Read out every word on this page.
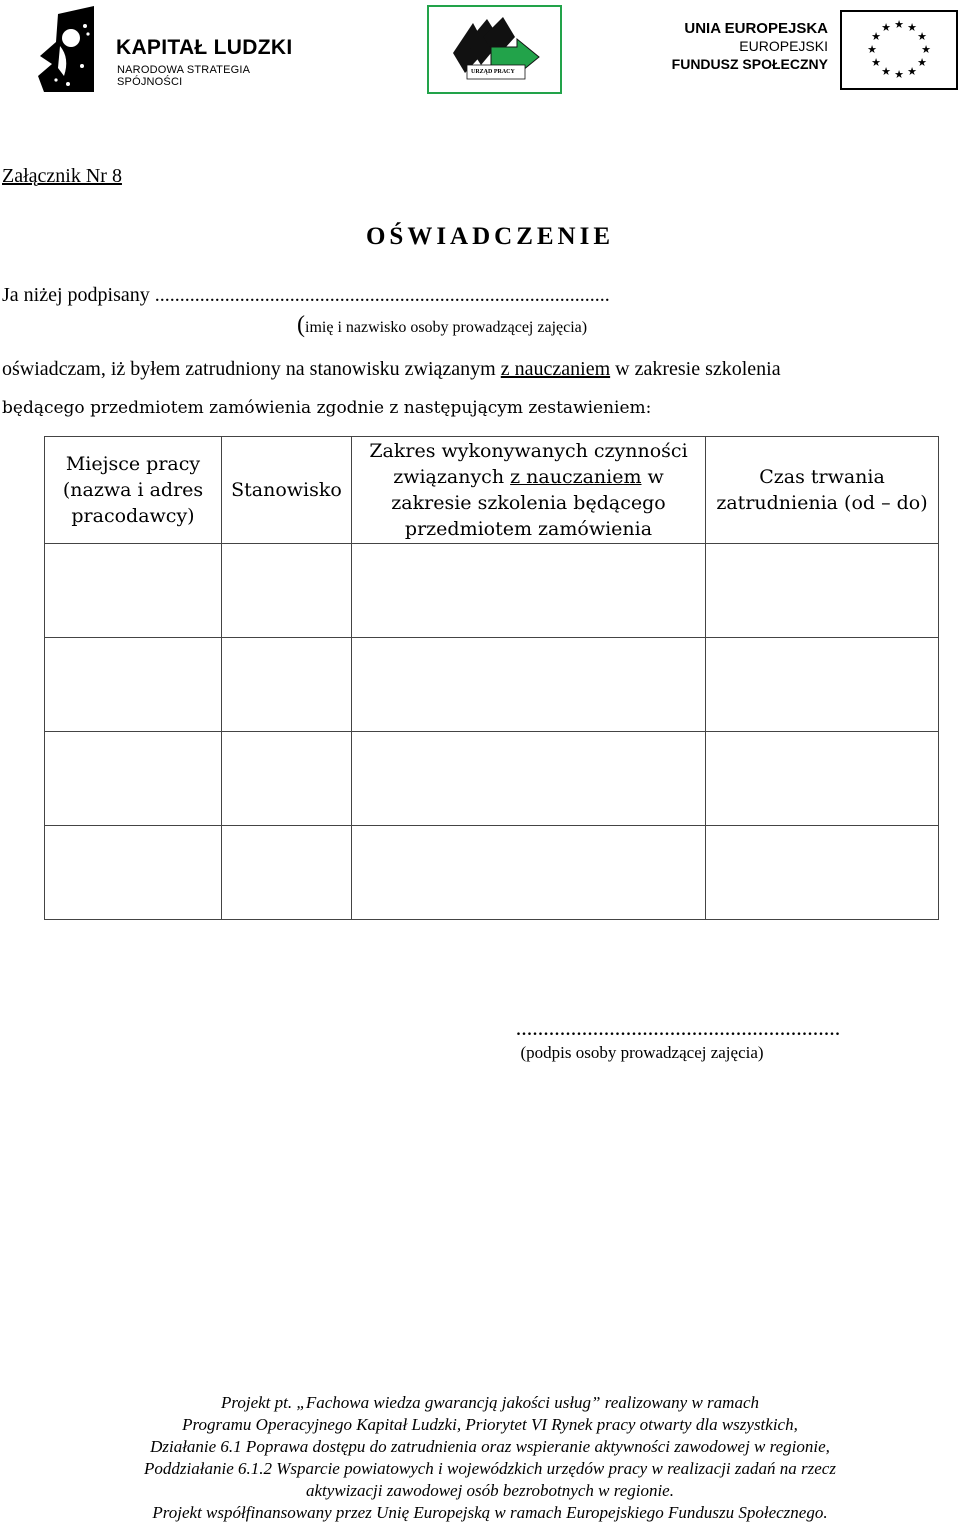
KAPITAŁ LUDZKI
NARODOWA STRATEGIA SPÓJNOŚCI
URZĄD PRACY
UNIA EUROPEJSKA
EUROPEJSKI
FUNDUSZ SPOŁECZNY
★ ★
★
★
★
★
★
★
★
★
★
★
Załącznik Nr 8
OŚWIADCZENIE
Ja niżej podpisany ...........................................................................................
(imię i nazwisko osoby prowadzącej zajęcia)
oświadczam, iż byłem zatrudniony na stanowisku związanym z nauczaniem w zakresie szkolenia
będącego przedmiotem zamówienia zgodnie z następującym zestawieniem:
Miejsce pracy (nazwa i adres pracodawcy)	Stanowisko	Zakres wykonywanych czynności związanych z nauczaniem w zakresie szkolenia będącego przedmiotem zamówienia	Czas trwania zatrudnienia (od – do)

...........................................................
(podpis osoby prowadzącej zajęcia)
Projekt pt. „Fachowa wiedza gwarancją jakości usług” realizowany w ramach
Programu Operacyjnego Kapitał Ludzki, Priorytet VI Rynek pracy otwarty dla wszystkich,
Działanie 6.1 Poprawa dostępu do zatrudnienia oraz wspieranie aktywności zawodowej w regionie,
Poddziałanie 6.1.2 Wsparcie powiatowych i wojewódzkich urzędów pracy w realizacji zadań na rzecz
aktywizacji zawodowej osób bezrobotnych w regionie.
Projekt współfinansowany przez Unię Europejską w ramach Europejskiego Funduszu Społecznego.
